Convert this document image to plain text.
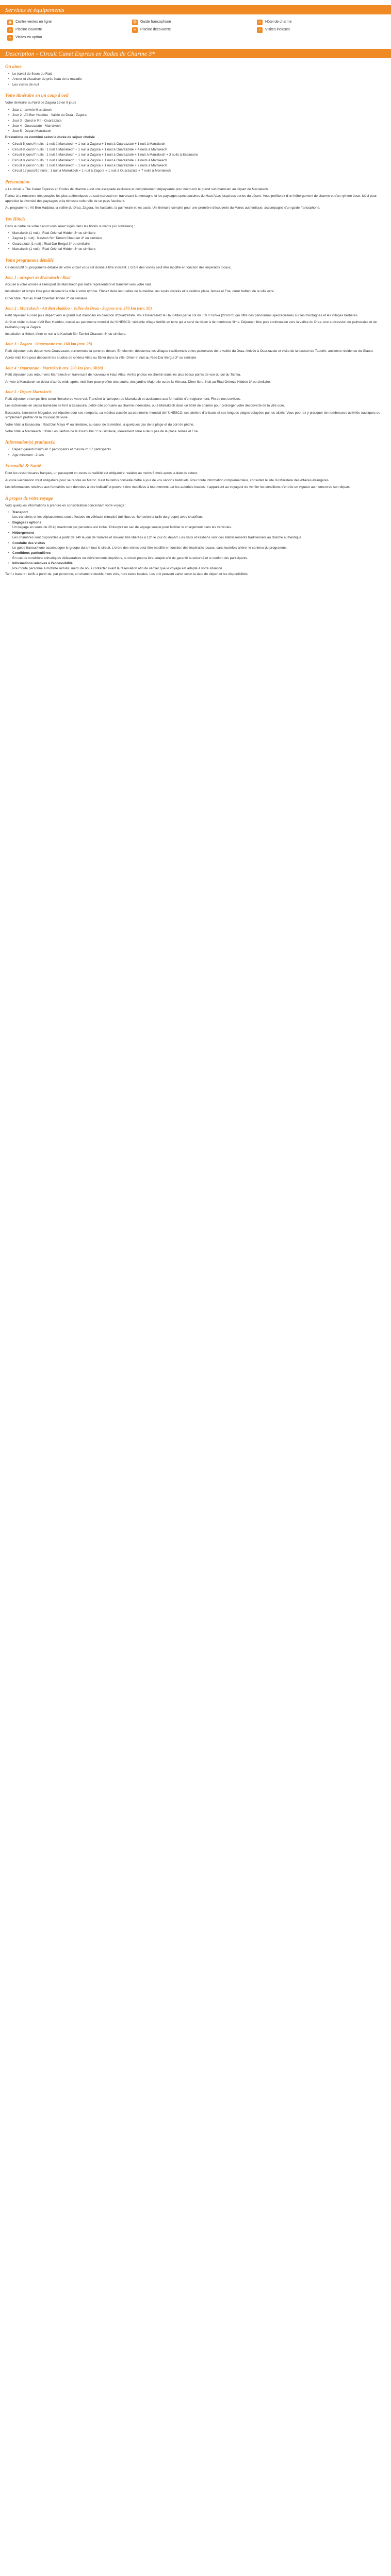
Services et équipements
▣	Centre ventes en ligne	☺ Guide francophone	⌂	Hôtel de charme
≈	Piscine couverte	☀	Piscine découverte	✓	Visites incluses
+	Visites en option
Description - Circuit Canet Express en Rodes de Charme 3*
On aime
• Le travail de fleurs du Raid
• Ancrer et visualiser de près l'eau de la maladie
• Les visites de nuit
Votre itinéraire en un coup d'oeil

Votre itinéraire au Nord de Zagora 13 en 9 jours

• Jour 1 : arrivée Marrakech
• Jour 2 : Aït Ben Haddou - Vallée du Draa - Zagora
• Jour 3 : Oued el Rif - Ouarzazate
• Jour 4 : Ouarzazate - Marrakech
• Jour 5 : Départ Marrakech

Prestations de combiné selon la durée de séjour choisie

• Circuit 5 jours/4 nuits : 1 nuit à Marrakech + 1 nuit à Zagora + 1 nuit à Ouarzazate + 1 nuit à Marrakech
• Circuit 8 jours/7 nuits : 1 nuit à Marrakech + 1 nuit à Zagora + 1 nuit à Ouarzazate + 4 nuits à Marrakech
• Circuit 8 jours/7 nuits : 1 nuit à Marrakech + 1 nuit à Zagora + 1 nuit à Ouarzazate + 1 nuit à Marrakech + 3 nuits à Essaouira
• Circuit 8 jours/7 nuits : 1 nuit à Marrakech + 1 nuit à Zagora + 1 nuit à Ouarzazate + 4 nuits à Marrakech
• Circuit 8 jours/7 nuits : 1 nuit à Marrakech + 1 nuit à Zagora + 1 nuit à Ouarzazate + 7 nuits à Marrakech
• Circuit 12 jours/10 nuits : 1 nuit à Marrakech + 1 nuit à Zagora + 1 nuit à Ouarzazate + 7 nuits à Marrakech
Présentation

« Le circuit « The Canet Express en Rodes de charme » est une escapade exclusive et complètement dépaysante pour découvrir le grand sud marocain au départ de Marrakech.

Partez à la rencontre des peuples les plus authentiques du sud marocain en traversant la montagne et les paysages spectaculaires du Haut Atlas jusqu'aux portes du désert. Vous profiterez d'un hébergement de charme et d'un rythme doux, idéal pour apprécier la diversité des paysages et la richesse culturelle de ce pays fascinant.

Au programme : Aït Ben Haddou, la vallée du Draa, Zagora, les kasbahs, la palmeraie et les oasis. Un itinéraire complet pour une première découverte du Maroc authentique, accompagné d'un guide francophone.

Vos Hôtels

Dans le cadre de votre circuit vous serez logés dans les hôtels suivants (ou similaires) :

• Marrakech (1 nuit) : Riad Oriental Hidden 3* ou similaire
• Zagora (1 nuit) : Kasbah Sirr Tamkrt Chaouen 4* ou similaire
• Ouarzazate (1 nuit) : Riad Dar Bergui 3* ou similaire
• Marrakech (1 nuit) : Riad Oriental Hidden 3* ou similaire
Votre programme détaillé

Ce descriptif du programme détaillé de votre circuit vous est donné à titre indicatif. L'ordre des visites peut être modifié en fonction des impératifs locaux.

Jour 1 : aéroport de Marrakech / Riad

Accueil à votre arrivée à l'aéroport de Marrakech par notre représentant et transfert vers votre riad.

Installation et temps libre pour découvrir la ville à votre rythme. Flânez dans les ruelles de la médina, les souks colorés et la célèbre place Jemaa el Fna, cœur battant de la ville ocre.

Dîner libre. Nuit au Riad Oriental Hidden 3* ou similaire.

Jour 2 : Marrakech - Aït Ben Haddou - Vallée du Draa - Zagora env. 370 km (env. 5h)

Petit déjeuner au riad puis départ vers le grand sud marocain en direction d'Ouarzazate. Vous traverserez le Haut Atlas par le col du Tizi n'Tichka (2260 m) qui offre des panoramas spectaculaires sur les montagnes et les villages berbères.

Arrêt et visite du ksar d'Aït Ben Haddou, classé au patrimoine mondial de l'UNESCO, véritable village fortifié en terre qui a servi de décor à de nombreux films. Déjeuner libre puis continuation vers la vallée du Draa, une succession de palmeraies et de kasbahs jusqu'à Zagora.

Installation à l'hôtel, dîner et nuit à la Kasbah Sirr Tamkrt Chaouen 4* ou similaire.

Jour 3 : Zagora - Ouarzazate env. 160 km (env. 2h)

Petit déjeuner puis départ vers Ouarzazate, surnommée la porte du désert. En chemin, découvrez les villages traditionnels et les palmeraies de la vallée du Draa. Arrivée à Ouarzazate et visite de la kasbah de Taourirt, ancienne résidence du Glaoui.

Après-midi libre pour découvrir les studios de cinéma Atlas ou flâner dans la ville. Dîner et nuit au Riad Dar Bergui 3* ou similaire.

Jour 4 : Ouarzazate - Marrakech env. 200 km (env. 3h30)

Petit déjeuner puis retour vers Marrakech en traversant de nouveau le Haut Atlas. Arrêts photos en chemin dans les plus beaux points de vue du col du Tichka.

Arrivée à Marrakech en début d'après-midi, après-midi libre pour profiter des souks, des jardins Majorelle ou de la Ménara. Dîner libre. Nuit au Riad Oriental Hidden 3* ou similaire.

Jour 5 : Départ Marrakech

Petit déjeuner et temps libre selon l'horaire de votre vol. Transfert à l'aéroport de Marrakech et assistance aux formalités d'enregistrement. Fin de nos services.

Les extensions en séjour balnéaire se font à Essaouira, petite cité portuaire au charme indéniable, ou à Marrakech dans un hôtel de charme pour prolonger votre découverte de la ville ocre.

Essaouira, l'ancienne Mogador, est réputée pour ses remparts, sa médina classée au patrimoine mondial de l'UNESCO, ses ateliers d'artisans et ses longues plages balayées par les alizés. Vous pourrez y pratiquer de nombreuses activités nautiques ou simplement profiter de la douceur de vivre.

Votre hôtel à Essaouira : Riad Dar Maya 4* ou similaire, au cœur de la médina, à quelques pas de la plage et du port de pêche.

Votre hôtel à Marrakech : Hôtel Les Jardins de la Koutoubia 5* ou similaire, idéalement situé à deux pas de la place Jemaa el Fna.

Information(s) pratique(s)
• Départ garanti minimum 2 participants et maximum 17 participants
• Age minimum : 2 ans
Formalité & Santé

Pour les ressortissants français, un passeport en cours de validité est obligatoire, valable au moins 6 mois après la date de retour.

Aucune vaccination n'est obligatoire pour se rendre au Maroc. Il est toutefois conseillé d'être à jour de vos vaccins habituels. Pour toute information complémentaire, consultez le site du Ministère des Affaires étrangères.

Les informations relatives aux formalités sont données à titre indicatif et peuvent être modifiées à tout moment par les autorités locales. Il appartient au voyageur de vérifier les conditions d'entrée en vigueur au moment de son départ.

À propos de votre voyage

Voici quelques informations à prendre en considération concernant votre voyage :

• Transport
Les transferts et les déplacements sont effectués en véhicule climatisé (minibus ou 4x4 selon la taille du groupe) avec chauffeur.
• Bagages / options
Un bagage en soute de 20 kg maximum par personne est inclus. Prévoyez un sac de voyage souple pour faciliter le chargement dans les véhicules.
• Hébergement
Les chambres sont disponibles à partir de 14h le jour de l'arrivée et doivent être libérées à 12h le jour du départ. Les riads et kasbahs sont des établissements traditionnels au charme authentique.
• Conduite des visites
Le guide francophone accompagne le groupe durant tout le circuit. L'ordre des visites peut être modifié en fonction des impératifs locaux, sans toutefois altérer le contenu du programme.
• Conditions particulières
En cas de conditions climatiques défavorables ou d'événements imprévus, le circuit pourra être adapté afin de garantir la sécurité et le confort des participants.
• Informations relatives à l'accessibilité
Pour toute personne à mobilité réduite, merci de nous contacter avant la réservation afin de vérifier que le voyage est adapté à votre situation.

Tarif « base » : tarifs à partir de, par personne, en chambre double, hors vols, hors taxes locales. Les prix peuvent varier selon la date de départ et les disponibilités.
